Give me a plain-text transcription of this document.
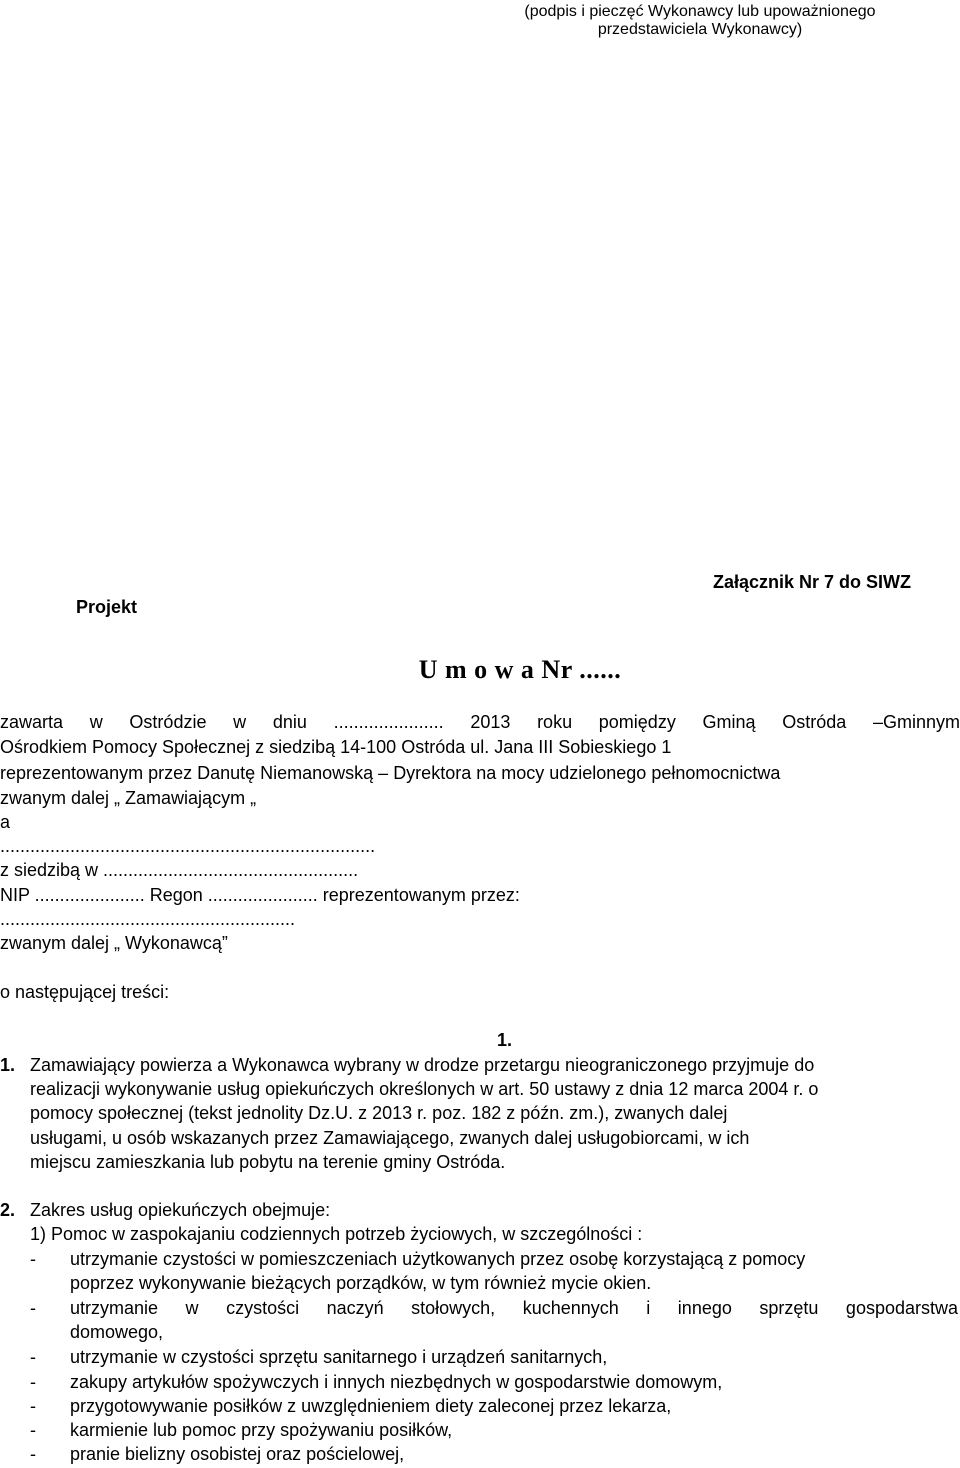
(podpis i pieczęć Wykonawcy lub upoważnionego
przedstawiciela Wykonawcy)
Projekt
Załącznik Nr 7 do SIWZ
U m o w a Nr ......
zawarta w Ostródzie w dniu ...................... 2013 roku pomiędzy Gminą Ostróda –Gminnym
Ośrodkiem Pomocy Społecznej z siedzibą 14-100 Ostróda ul. Jana III Sobieskiego 1
reprezentowanym przez Danutę Niemanowską – Dyrektora na mocy udzielonego pełnomocnictwa
zwanym dalej „ Zamawiającym „
a
...........................................................................
z siedzibą w ...................................................
NIP ...................... Regon ...................... reprezentowanym przez:
...........................................................
zwanym dalej „ Wykonawcą”
o następującej treści:
1.
1. Zamawiający powierza a Wykonawca wybrany w drodze przetargu nieograniczonego przyjmuje do
realizacji wykonywanie usług opiekuńczych określonych w art. 50 ustawy z dnia 12 marca 2004 r. o
pomocy społecznej (tekst jednolity Dz.U. z 2013 r. poz. 182 z późn. zm.), zwanych dalej
usługami, u osób wskazanych przez Zamawiającego, zwanych dalej usługobiorcami, w ich
miejscu zamieszkania lub pobytu na terenie gminy Ostróda.
2. Zakres usług opiekuńczych obejmuje:
1) Pomoc w zaspokajaniu codziennych potrzeb życiowych, w szczególności :
- utrzymanie czystości w pomieszczeniach użytkowanych przez osobę korzystającą z pomocy
poprzez wykonywanie bieżących porządków, w tym również mycie okien.
- utrzymanie w czystości naczyń stołowych, kuchennych i innego sprzętu gospodarstwa
domowego,
- utrzymanie w czystości sprzętu sanitarnego i urządzeń sanitarnych,
- zakupy artykułów spożywczych i innych niezbędnych w gospodarstwie domowym,
- przygotowywanie posiłków z uwzględnieniem diety zaleconej przez lekarza,
- karmienie lub pomoc przy spożywaniu posiłków,
- pranie bielizny osobistej oraz pościelowej,
